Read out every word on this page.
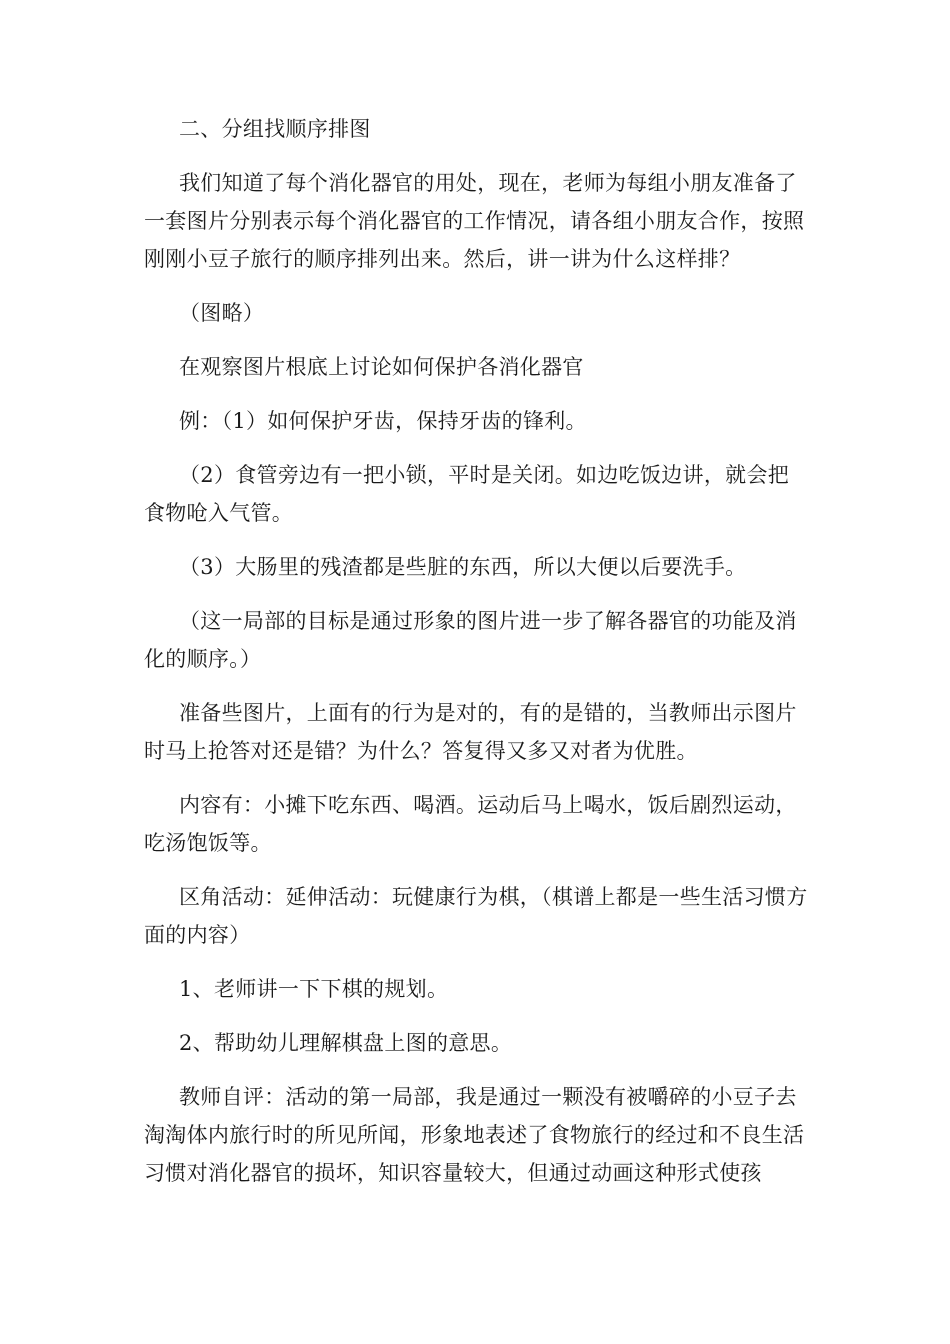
二、分组找顺序排图

我们知道了每个消化器官的用处，现在，老师为每组小朋友准备了一套图片分别表示每个消化器官的工作情况，请各组小朋友合作，按照刚刚小豆子旅行的顺序排列出来。然后，讲一讲为什么这样排？

（图略）

在观察图片根底上讨论如何保护各消化器官

例：（1）如何保护牙齿，保持牙齿的锋利。

（2）食管旁边有一把小锁，平时是关闭。如边吃饭边讲，就会把食物呛入气管。

（3）大肠里的残渣都是些脏的东西，所以大便以后要洗手。

（这一局部的目标是通过形象的图片进一步了解各器官的功能及消化的顺序。）

准备些图片，上面有的行为是对的，有的是错的，当教师出示图片时马上抢答对还是错？为什么？答复得又多又对者为优胜。

内容有：小摊下吃东西、喝酒。运动后马上喝水，饭后剧烈运动，吃汤饱饭等。

区角活动：延伸活动：玩健康行为棋，（棋谱上都是一些生活习惯方面的内容）

1、老师讲一下下棋的规划。

2、帮助幼儿理解棋盘上图的意思。

教师自评：活动的第一局部，我是通过一颗没有被嚼碎的小豆子去淘淘体内旅行时的所见所闻，形象地表述了食物旅行的经过和不良生活习惯对消化器官的损坏，知识容量较大，但通过动画这种形式使孩
